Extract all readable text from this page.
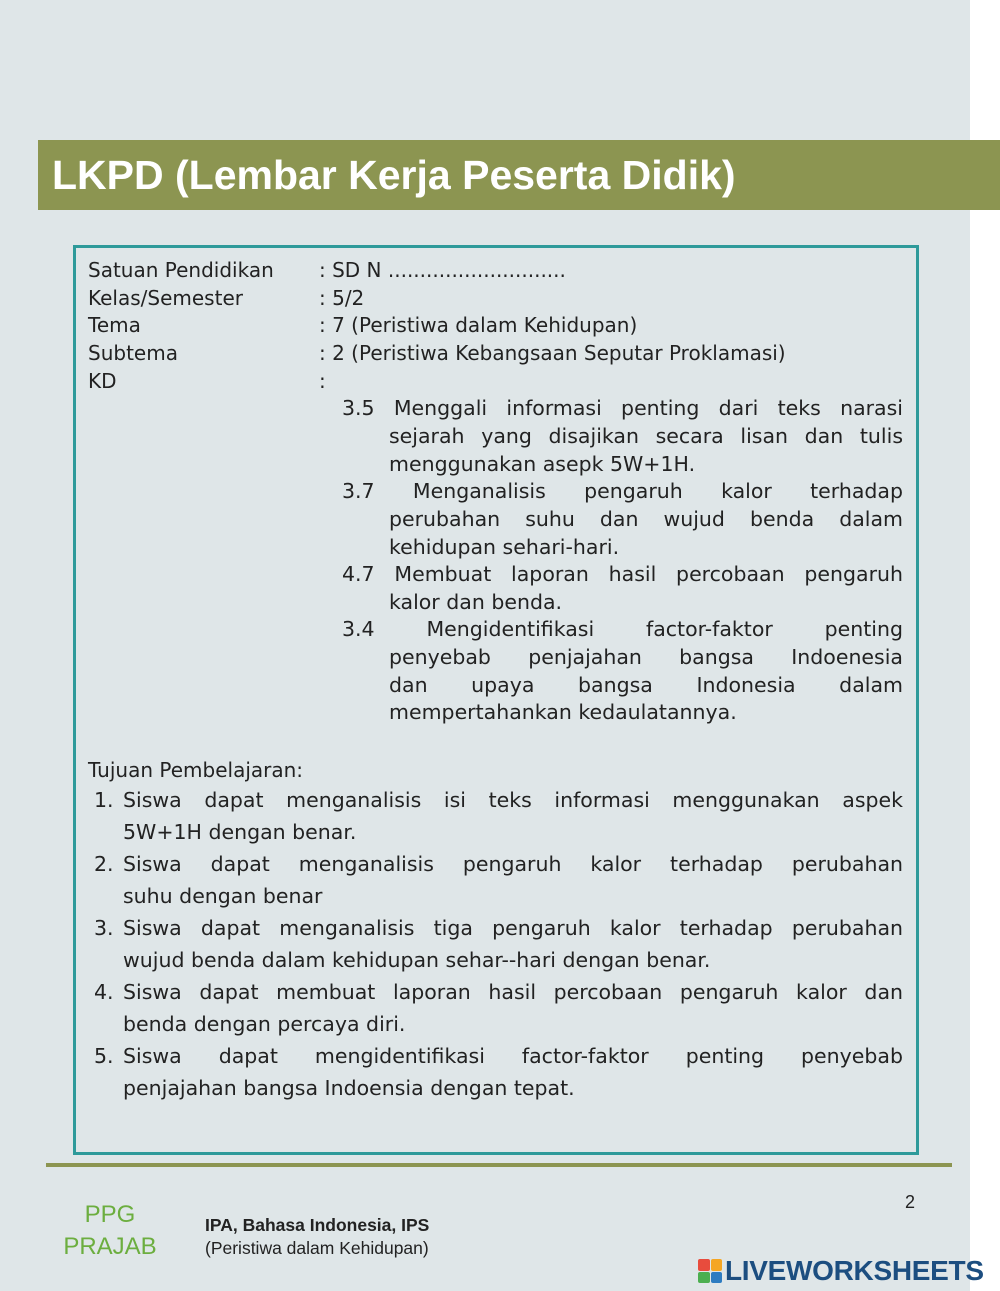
LKPD (Lembar Kerja Peserta Didik)
Satuan Pendidikan : SD N ............................
Kelas/Semester	: 5/2
Tema	: 7 (Peristiwa dalam Kehidupan)
Subtema	: 2 (Peristiwa Kebangsaan Seputar Proklamasi)
KD	:
3.5 Menggali informasi penting dari teks narasi
sejarah yang disajikan secara lisan dan tulis
menggunakan asepk 5W+1H.
3.7 Menganalisis pengaruh kalor terhadap
perubahan suhu dan wujud benda dalam
kehidupan sehari-hari.
4.7 Membuat laporan hasil percobaan pengaruh
kalor dan benda.
3.4 Mengidentifikasi factor-faktor penting
penyebab penjajahan bangsa Indoenesia
dan upaya bangsa Indonesia dalam
mempertahankan kedaulatannya.
Tujuan Pembelajaran:
1. Siswa dapat menganalisis isi teks informasi menggunakan aspek
5W+1H dengan benar.
2. Siswa dapat menganalisis pengaruh kalor terhadap perubahan
suhu dengan benar
3. Siswa dapat menganalisis tiga pengaruh kalor terhadap perubahan
wujud benda dalam kehidupan sehar--hari dengan benar.
4. Siswa dapat membuat laporan hasil percobaan pengaruh kalor dan
benda dengan percaya diri.
5. Siswa dapat mengidentifikasi factor-faktor penting penyebab
penjajahan bangsa Indoensia dengan tepat.
2
PPG
PRAJAB
IPA, Bahasa Indonesia, IPS
(Peristiwa dalam Kehidupan)
LIVEWORKSHEETS
